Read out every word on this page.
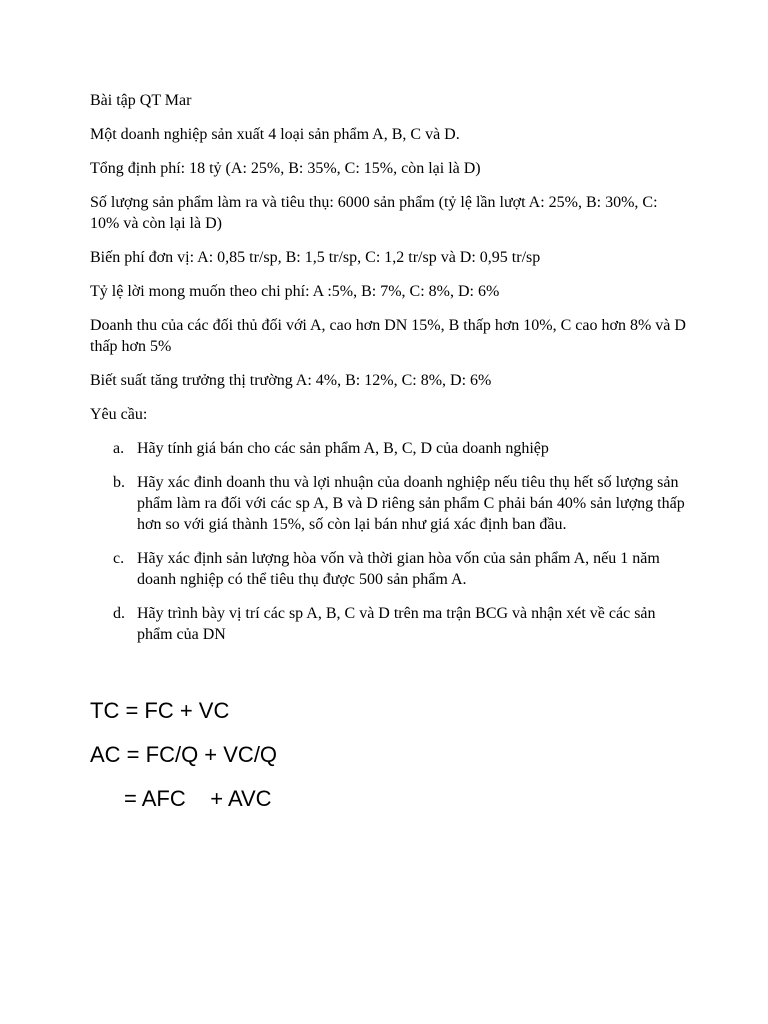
Bài tập QT Mar

Một doanh nghiệp sản xuất 4 loại sản phẩm A, B, C và D.

Tổng định phí: 18 tỷ (A: 25%, B: 35%, C: 15%, còn lại là D)

Số lượng sản phẩm làm ra và tiêu thụ: 6000 sản phẩm (tỷ lệ lần lượt A: 25%, B: 30%, C: 10% và còn lại là D)

Biến phí đơn vị: A: 0,85 tr/sp, B: 1,5 tr/sp, C: 1,2 tr/sp và D: 0,95 tr/sp

Tỷ lệ lời mong muốn theo chi phí: A :5%, B: 7%, C: 8%, D: 6%

Doanh thu của các đối thủ đối với A, cao hơn DN 15%, B thấp hơn 10%, C cao hơn 8% và D thấp hơn 5%

Biết suất tăng trưởng thị trường A: 4%, B: 12%, C: 8%, D: 6%

Yêu cầu:

a. Hãy tính giá bán cho các sản phẩm A, B, C, D của doanh nghiệp
b. Hãy xác đinh doanh thu và lợi nhuận của doanh nghiệp nếu tiêu thụ hết số lượng sản phẩm làm ra đối với các sp A, B và D riêng sản phẩm C phải bán 40% sản lượng thấp hơn so với giá thành 15%, số còn lại bán như giá xác định ban đầu.
c. Hãy xác định sản lượng hòa vốn và thời gian hòa vốn của sản phẩm A, nếu 1 năm doanh nghiệp có thể tiêu thụ được 500 sản phẩm A.
d. Hãy trình bày vị trí các sp A, B, C và D trên ma trận BCG và nhận xét về các sản phẩm của DN
TC = FC + VC
AC = FC/Q + VC/Q
= AFC    + AVC
